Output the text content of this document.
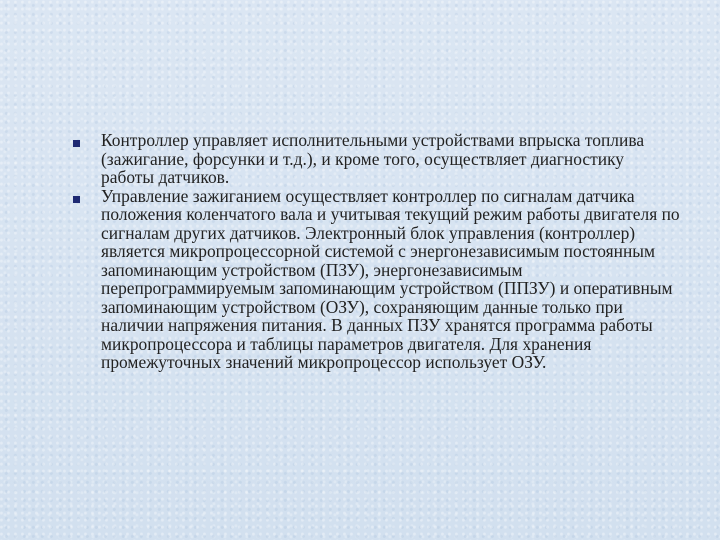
Контроллер управляет исполнительными устройствами впрыска топлива (зажигание, форсунки и т.д.), и кроме того, осуществляет диагностику работы датчиков.
Управление зажиганием осуществляет контроллер по сигналам датчика положения коленчатого вала и учитывая текущий режим работы двигателя по сигналам других датчиков. Электронный блок управления (контроллер) является микропроцессорной системой с энергонезависимым постоянным запоминающим устройством (ПЗУ), энергонезависимым перепрограммируемым запоминающим устройством (ППЗУ) и оперативным запоминающим устройством (ОЗУ), сохраняющим данные только при наличии напряжения питания. В данных ПЗУ хранятся программа работы микропроцессора и таблицы параметров двигателя. Для хранения промежуточных значений микропроцессор использует ОЗУ.
